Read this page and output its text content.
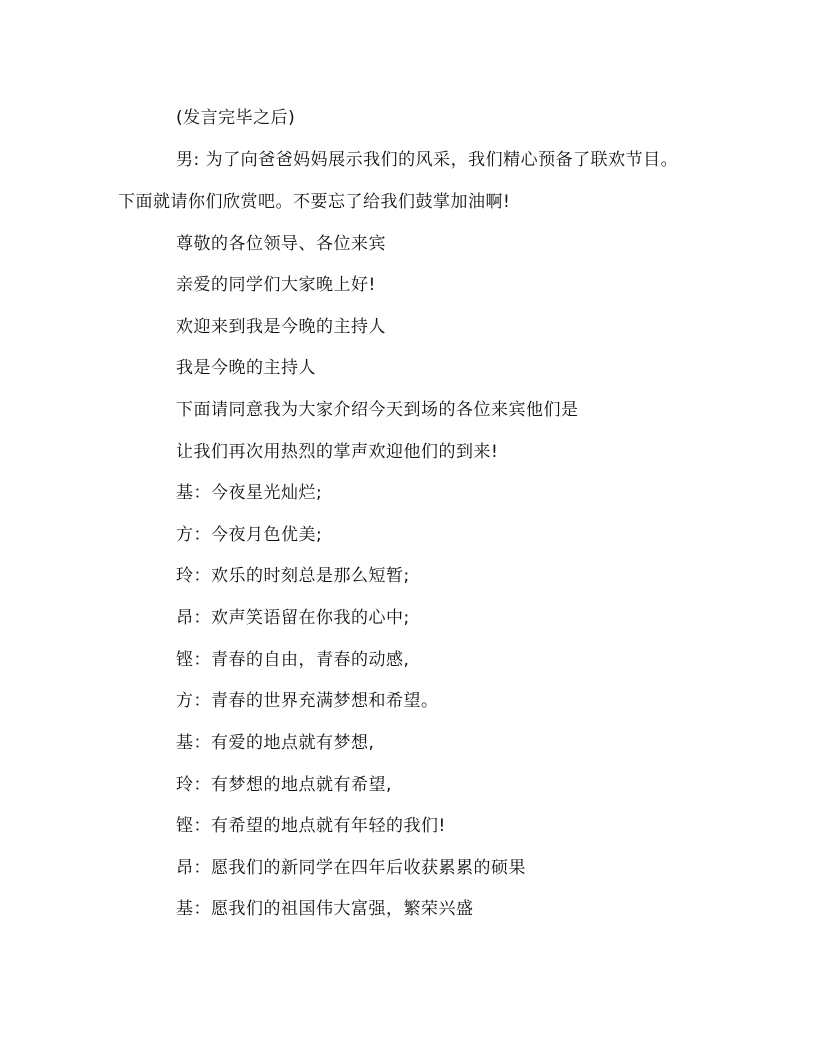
(发言完毕之后)
男: 为了向爸爸妈妈展示我们的风采，我们精心预备了联欢节目。
下面就请你们欣赏吧。不要忘了给我们鼓掌加油啊!
尊敬的各位领导、各位来宾
亲爱的同学们大家晚上好!
欢迎来到我是今晚的主持人
我是今晚的主持人
下面请同意我为大家介绍今天到场的各位来宾他们是
让我们再次用热烈的掌声欢迎他们的到来!
基：今夜星光灿烂;
方：今夜月色优美;
玲：欢乐的时刻总是那么短暂;
昂：欢声笑语留在你我的心中;
铿：青春的自由，青春的动感,
方：青春的世界充满梦想和希望。
基：有爱的地点就有梦想,
玲：有梦想的地点就有希望,
铿：有希望的地点就有年轻的我们!
昂：愿我们的新同学在四年后收获累累的硕果
基：愿我们的祖国伟大富强，繁荣兴盛
